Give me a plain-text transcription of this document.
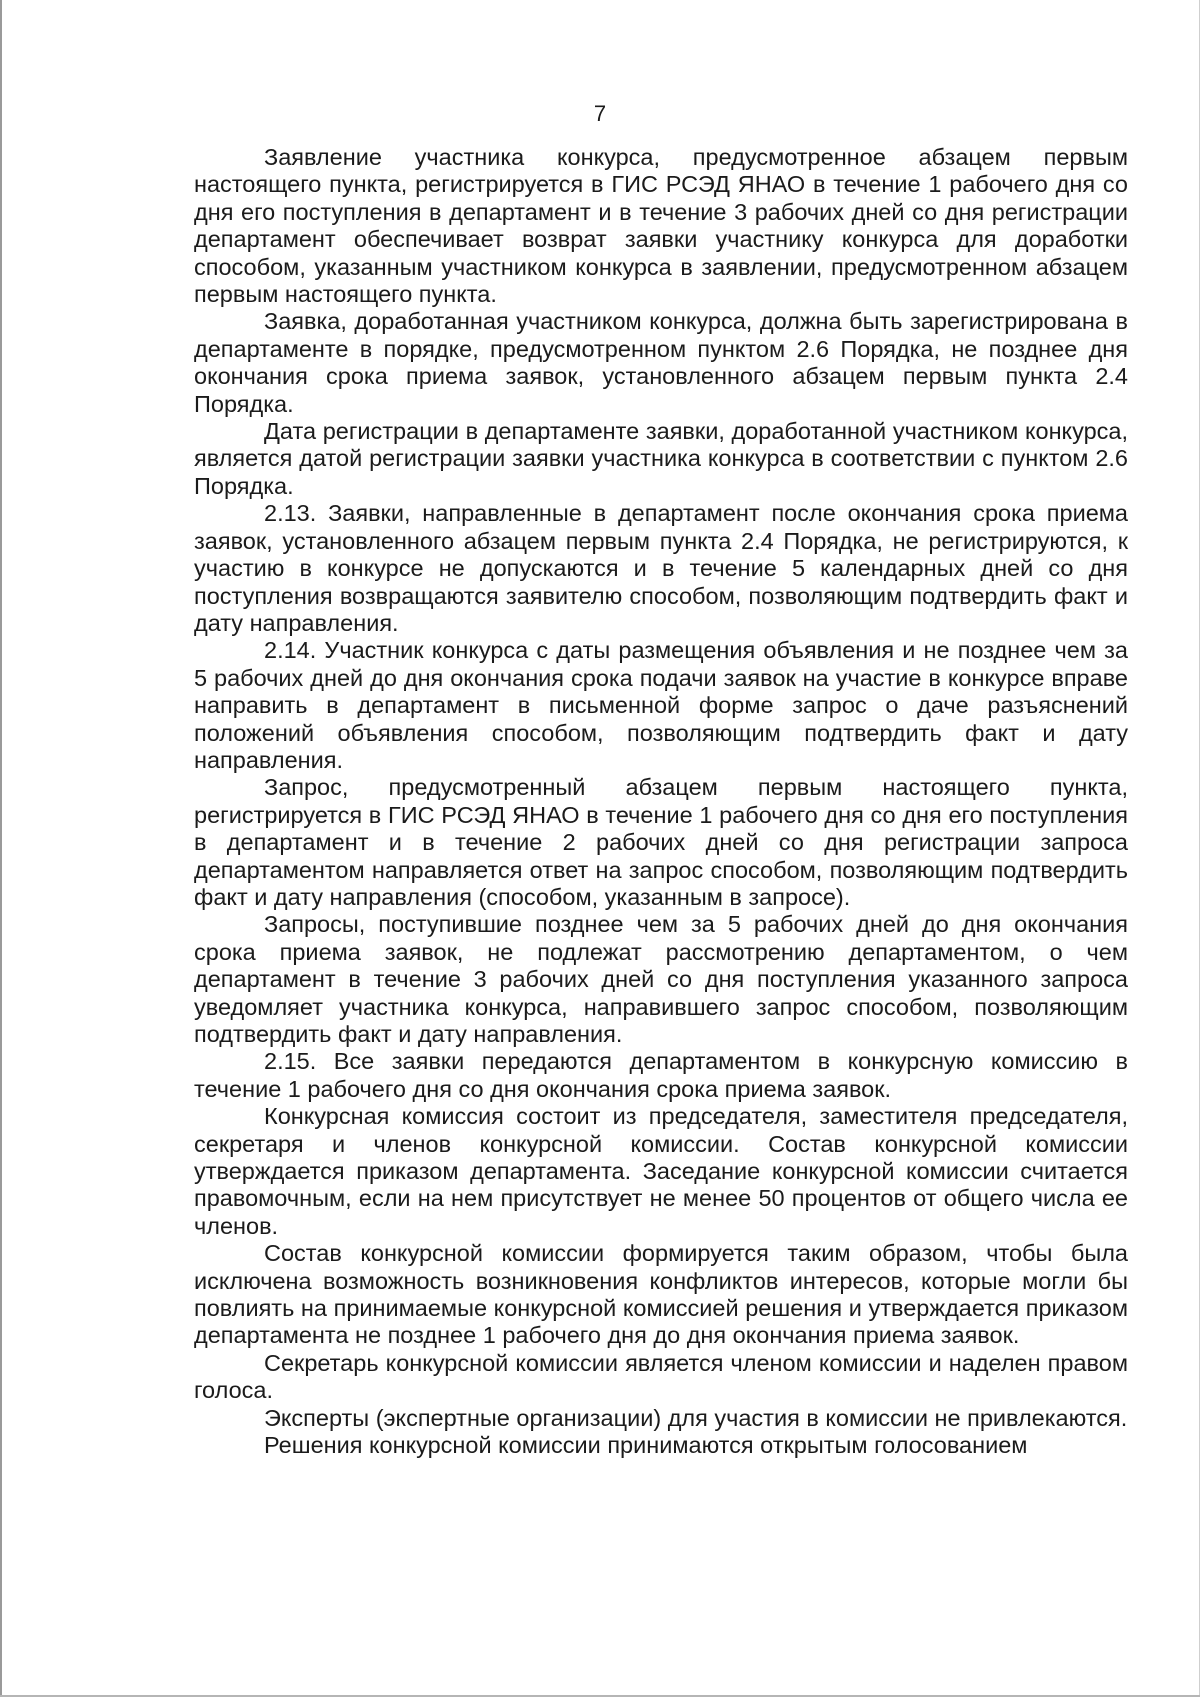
7

Заявление участника конкурса, предусмотренное абзацем первым настоящего пункта, регистрируется в ГИС РСЭД ЯНАО в течение 1 рабочего дня со дня его поступления в департамент и в течение 3 рабочих дней со дня регистрации департамент обеспечивает возврат заявки участнику конкурса для доработки способом, указанным участником конкурса в заявлении, предусмотренном абзацем первым настоящего пункта.

Заявка, доработанная участником конкурса, должна быть зарегистрирована в департаменте в порядке, предусмотренном пунктом 2.6 Порядка, не позднее дня окончания срока приема заявок, установленного абзацем первым пункта 2.4 Порядка.

Дата регистрации в департаменте заявки, доработанной участником конкурса, является датой регистрации заявки участника конкурса в соответствии с пунктом 2.6 Порядка.

2.13. Заявки, направленные в департамент после окончания срока приема заявок, установленного абзацем первым пункта 2.4 Порядка, не регистрируются, к участию в конкурсе не допускаются и в течение 5 календарных дней со дня поступления возвращаются заявителю способом, позволяющим подтвердить факт и дату направления.

2.14. Участник конкурса с даты размещения объявления и не позднее чем за 5 рабочих дней до дня окончания срока подачи заявок на участие в конкурсе вправе направить в департамент в письменной форме запрос о даче разъяснений положений объявления способом, позволяющим подтвердить факт и дату направления.

Запрос, предусмотренный абзацем первым настоящего пункта, регистрируется в ГИС РСЭД ЯНАО в течение 1 рабочего дня со дня его поступления в департамент и в течение 2 рабочих дней со дня регистрации запроса департаментом направляется ответ на запрос способом, позволяющим подтвердить факт и дату направления (способом, указанным в запросе).

Запросы, поступившие позднее чем за 5 рабочих дней до дня окончания срока приема заявок, не подлежат рассмотрению департаментом, о чем департамент в течение 3 рабочих дней со дня поступления указанного запроса уведомляет участника конкурса, направившего запрос способом, позволяющим подтвердить факт и дату направления.

2.15. Все заявки передаются департаментом в конкурсную комиссию в течение 1 рабочего дня со дня окончания срока приема заявок.

Конкурсная комиссия состоит из председателя, заместителя председателя, секретаря и членов конкурсной комиссии. Состав конкурсной комиссии утверждается приказом департамента. Заседание конкурсной комиссии считается правомочным, если на нем присутствует не менее 50 процентов от общего числа ее членов.

Состав конкурсной комиссии формируется таким образом, чтобы была исключена возможность возникновения конфликтов интересов, которые могли бы повлиять на принимаемые конкурсной комиссией решения и утверждается приказом департамента не позднее 1 рабочего дня до дня окончания приема заявок.

Секретарь конкурсной комиссии является членом комиссии и наделен правом голоса.

Эксперты (экспертные организации) для участия в комиссии не привлекаются.

Решения конкурсной комиссии принимаются открытым голосованием
